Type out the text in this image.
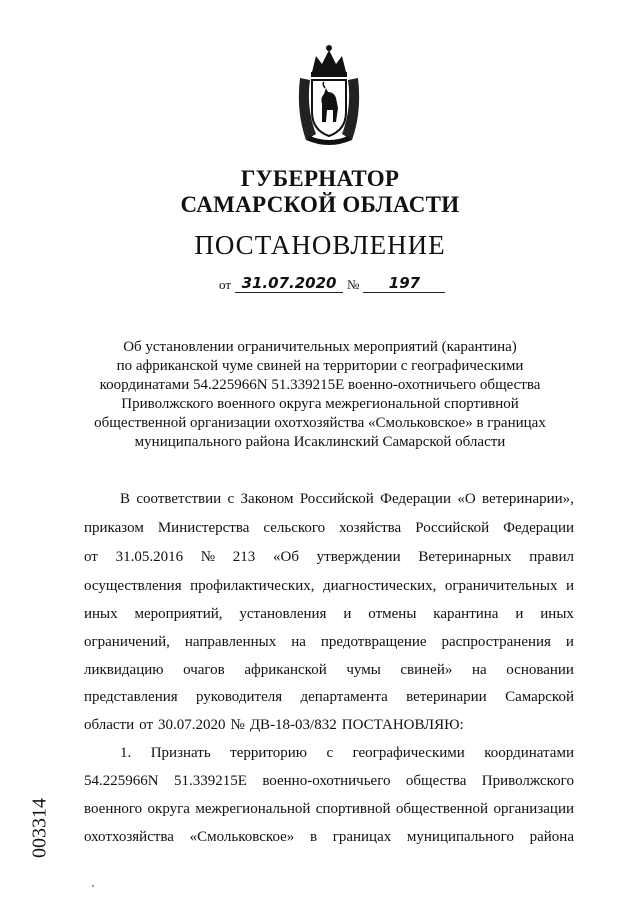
ГУБЕРНАТОР
САМАРСКОЙ ОБЛАСТИ
ПОСТАНОВЛЕНИЕ
от 31.07.2020 №	197
Об установлении ограничительных мероприятий (карантина)
по африканской чуме свиней на территории с географическими
координатами 54.225966N 51.339215E военно-охотничьего общества
Приволжского военного округа межрегиональной спортивной
общественной организации охотхозяйства «Смольковское» в границах
муниципального района Исаклинский Самарской области
В соответствии с Законом Российской Федерации «О ветеринарии»,
приказом Министерства сельского хозяйства Российской Федерации
от 31.05.2016 № 213 «Об утверждении Ветеринарных правил
осуществления профилактических, диагностических, ограничительных и
иных мероприятий, установления и отмены карантина и иных
ограничений, направленных на предотвращение распространения и
ликвидацию очагов африканской чумы свиней» на основании
представления руководителя департамента ветеринарии Самарской
области от 30.07.2020 № ДВ-18-03/832 ПОСТАНОВЛЯЮ:
1. Признать территорию с географическими координатами
54.225966N 51.339215E военно-охотничьего общества Приволжского
военного округа межрегиональной спортивной общественной организации
охотхозяйства «Смольковское» в границах муниципального района
003314
